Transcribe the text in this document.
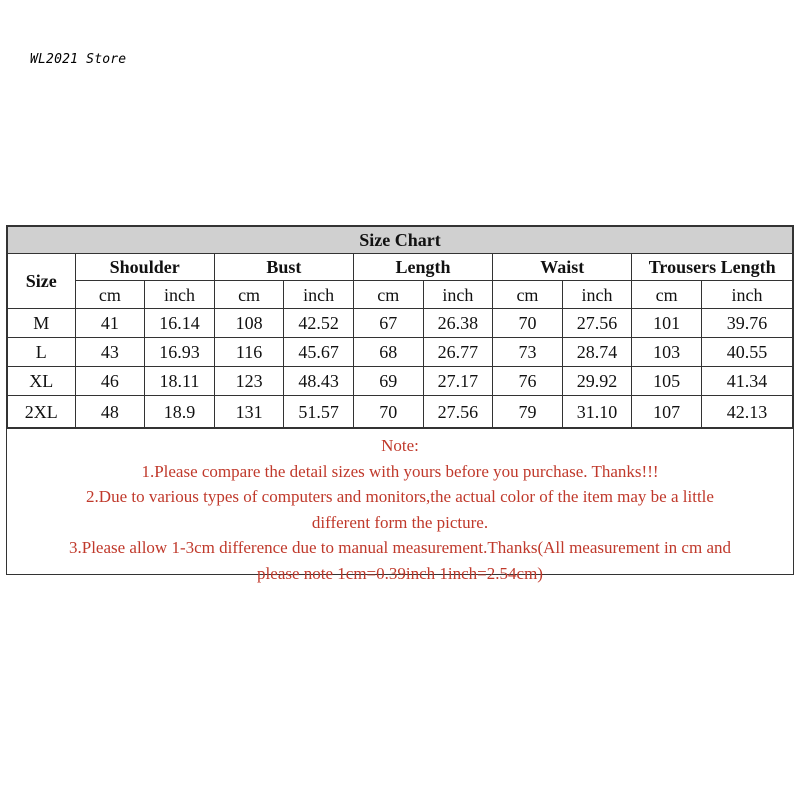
WL2021 Store
Size Chart										
Size	Shoulder		Bust		Length		Waist		Trousers Length	
	cm	inch	cm	inch	cm	inch	cm	inch	cm	inch
M	41	16.14	108	42.52	67	26.38	70	27.56	101	39.76
L	43	16.93	116	45.67	68	26.77	73	28.74	103	40.55
XL	46	18.11	123	48.43	69	27.17	76	29.92	105	41.34
2XL	48	18.9	131	51.57	70	27.56	79	31.10	107	42.13
Note:
1.Please compare the detail sizes with yours before you purchase. Thanks!!!
2.Due to various types of computers and monitors,the actual color of the item may be a little
different form the picture.
3.Please allow 1-3cm difference due to manual measurement.Thanks(All measurement in cm and
please note 1cm=0.39inch 1inch=2.54cm)
